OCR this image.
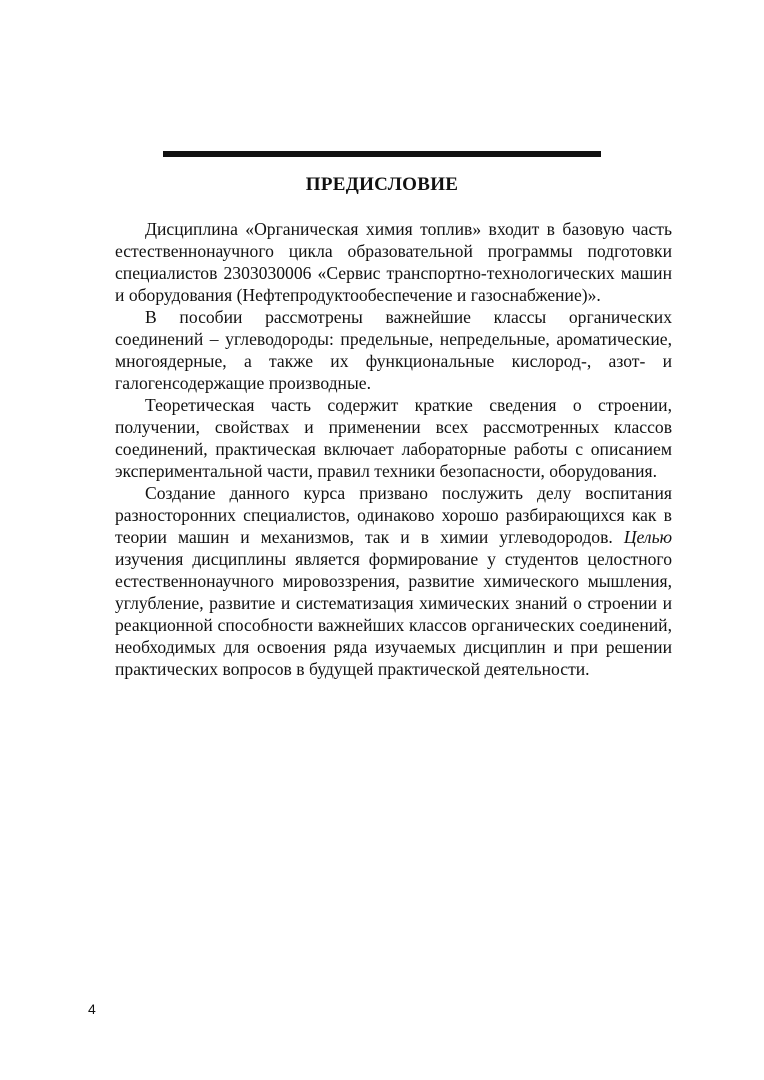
ПРЕДИСЛОВИЕ

Дисциплина «Органическая химия топлив» входит в базовую часть естественнонаучного цикла образовательной программы подготовки специалистов 2303030006 «Сервис транспортно-технологических машин и оборудования (Нефтепродуктообеспечение и газоснабжение)».

В пособии рассмотрены важнейшие классы органических соединений – углеводороды: предельные, непредельные, ароматические, многоядерные, а также их функциональные кислород-, азот- и галогенсодержащие производные.

Теоретическая часть содержит краткие сведения о строении, получении, свойствах и применении всех рассмотренных классов соединений, практическая включает лабораторные работы с описанием экспериментальной части, правил техники безопасности, оборудования.

Создание данного курса призвано послужить делу воспитания разносторонних специалистов, одинаково хорошо разбирающихся как в теории машин и механизмов, так и в химии углеводородов. Целью изучения дисциплины является формирование у студентов целостного естественнонаучного мировоззрения, развитие химического мышления, углубление, развитие и систематизация химических знаний о строении и реакционной способности важнейших классов органических соединений, необходимых для освоения ряда изучаемых дисциплин и при решении практических вопросов в будущей практической деятельности.

4
